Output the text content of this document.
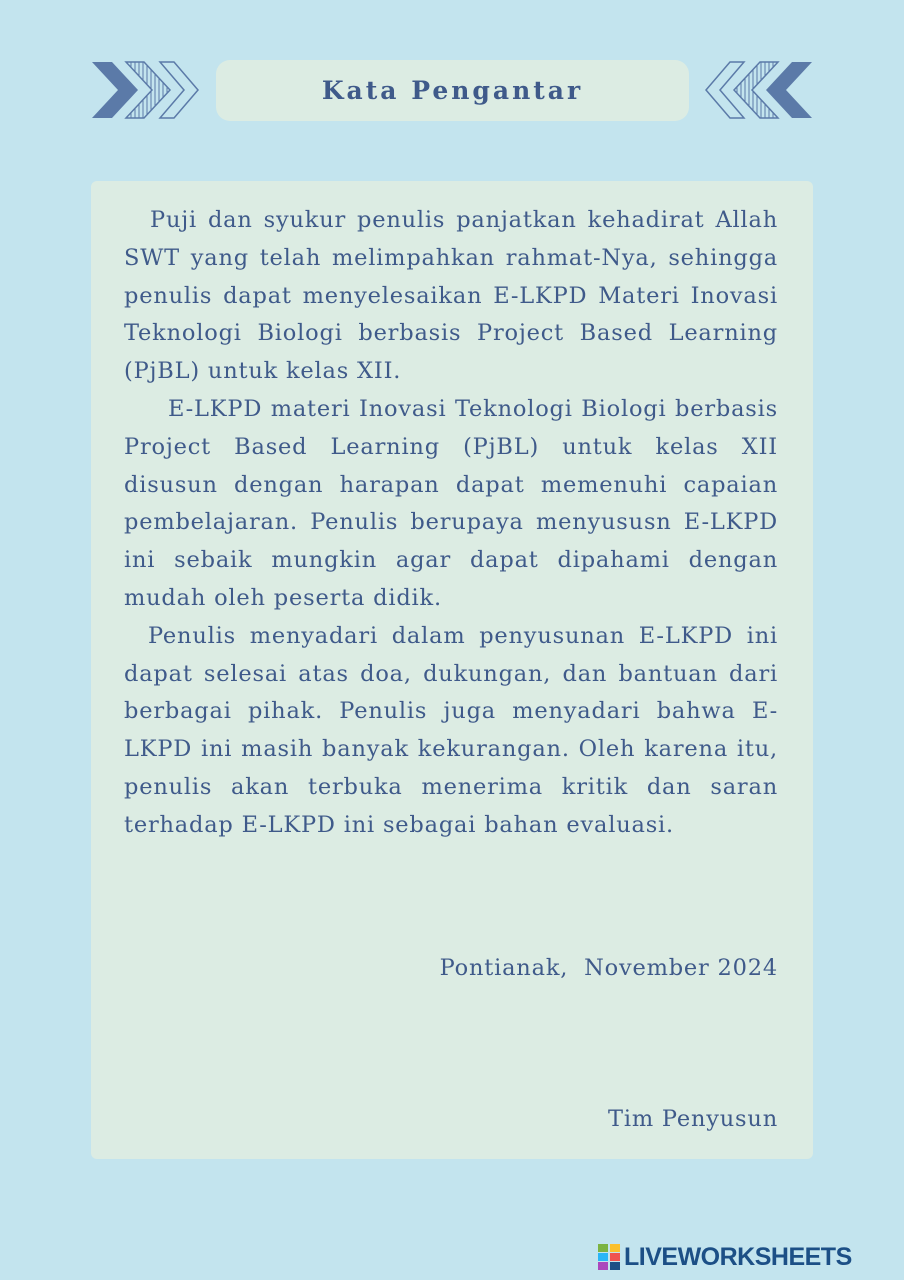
Kata Pengantar

Puji dan syukur penulis panjatkan kehadirat Allah SWT yang telah melimpahkan rahmat-Nya, sehingga penulis dapat menyelesaikan E-LKPD Materi Inovasi Teknologi Biologi berbasis Project Based Learning (PjBL) untuk kelas XII.

E-LKPD materi Inovasi Teknologi Biologi berbasis Project Based Learning (PjBL) untuk kelas XII disusun dengan harapan dapat memenuhi capaian pembelajaran. Penulis berupaya menyususn E-LKPD ini sebaik mungkin agar dapat dipahami dengan mudah oleh peserta didik.

Penulis menyadari dalam penyusunan E-LKPD ini dapat selesai atas doa, dukungan, dan bantuan dari berbagai pihak. Penulis juga menyadari bahwa E-LKPD ini masih banyak kekurangan. Oleh karena itu, penulis akan terbuka menerima kritik dan saran terhadap E-LKPD ini sebagai bahan evaluasi.

Pontianak,  November 2024
Tim Penyusun
LIVEWORKSHEETS
